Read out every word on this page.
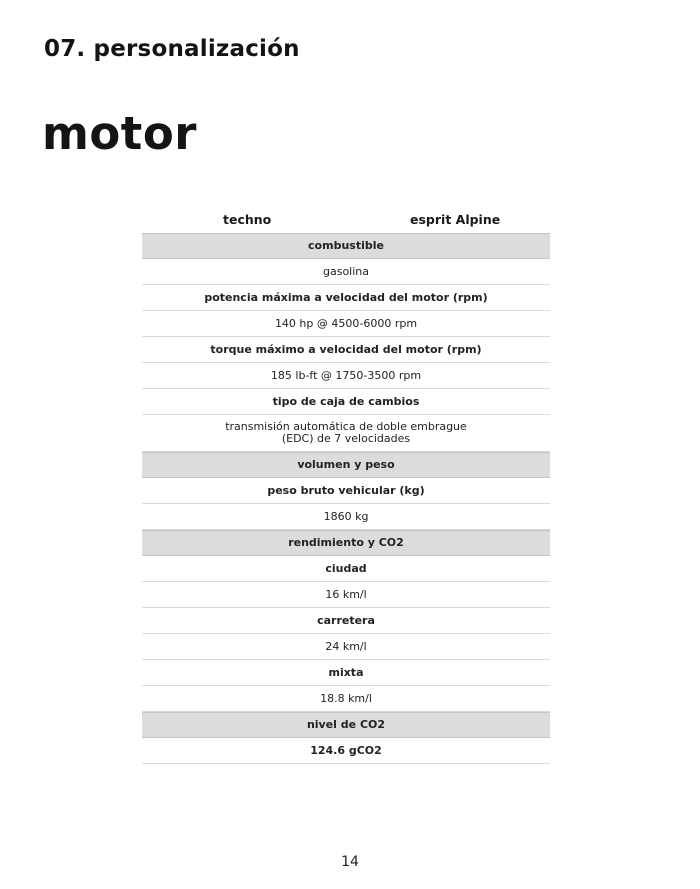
07. personalización
motor
techno	esprit Alpine
combustible
gasolina
potencia máxima a velocidad del motor (rpm)
140 hp @ 4500-6000 rpm
torque máximo a velocidad del motor (rpm)
185 lb-ft @ 1750-3500 rpm
tipo de caja de cambios
transmisión automática de doble embrague
(EDC) de 7 velocidades
volumen y peso
peso bruto vehicular (kg)
1860 kg
rendimiento y CO2
ciudad
16 km/l
carretera
24 km/l
mixta
18.8 km/l
nivel de CO2
124.6 gCO2
14
